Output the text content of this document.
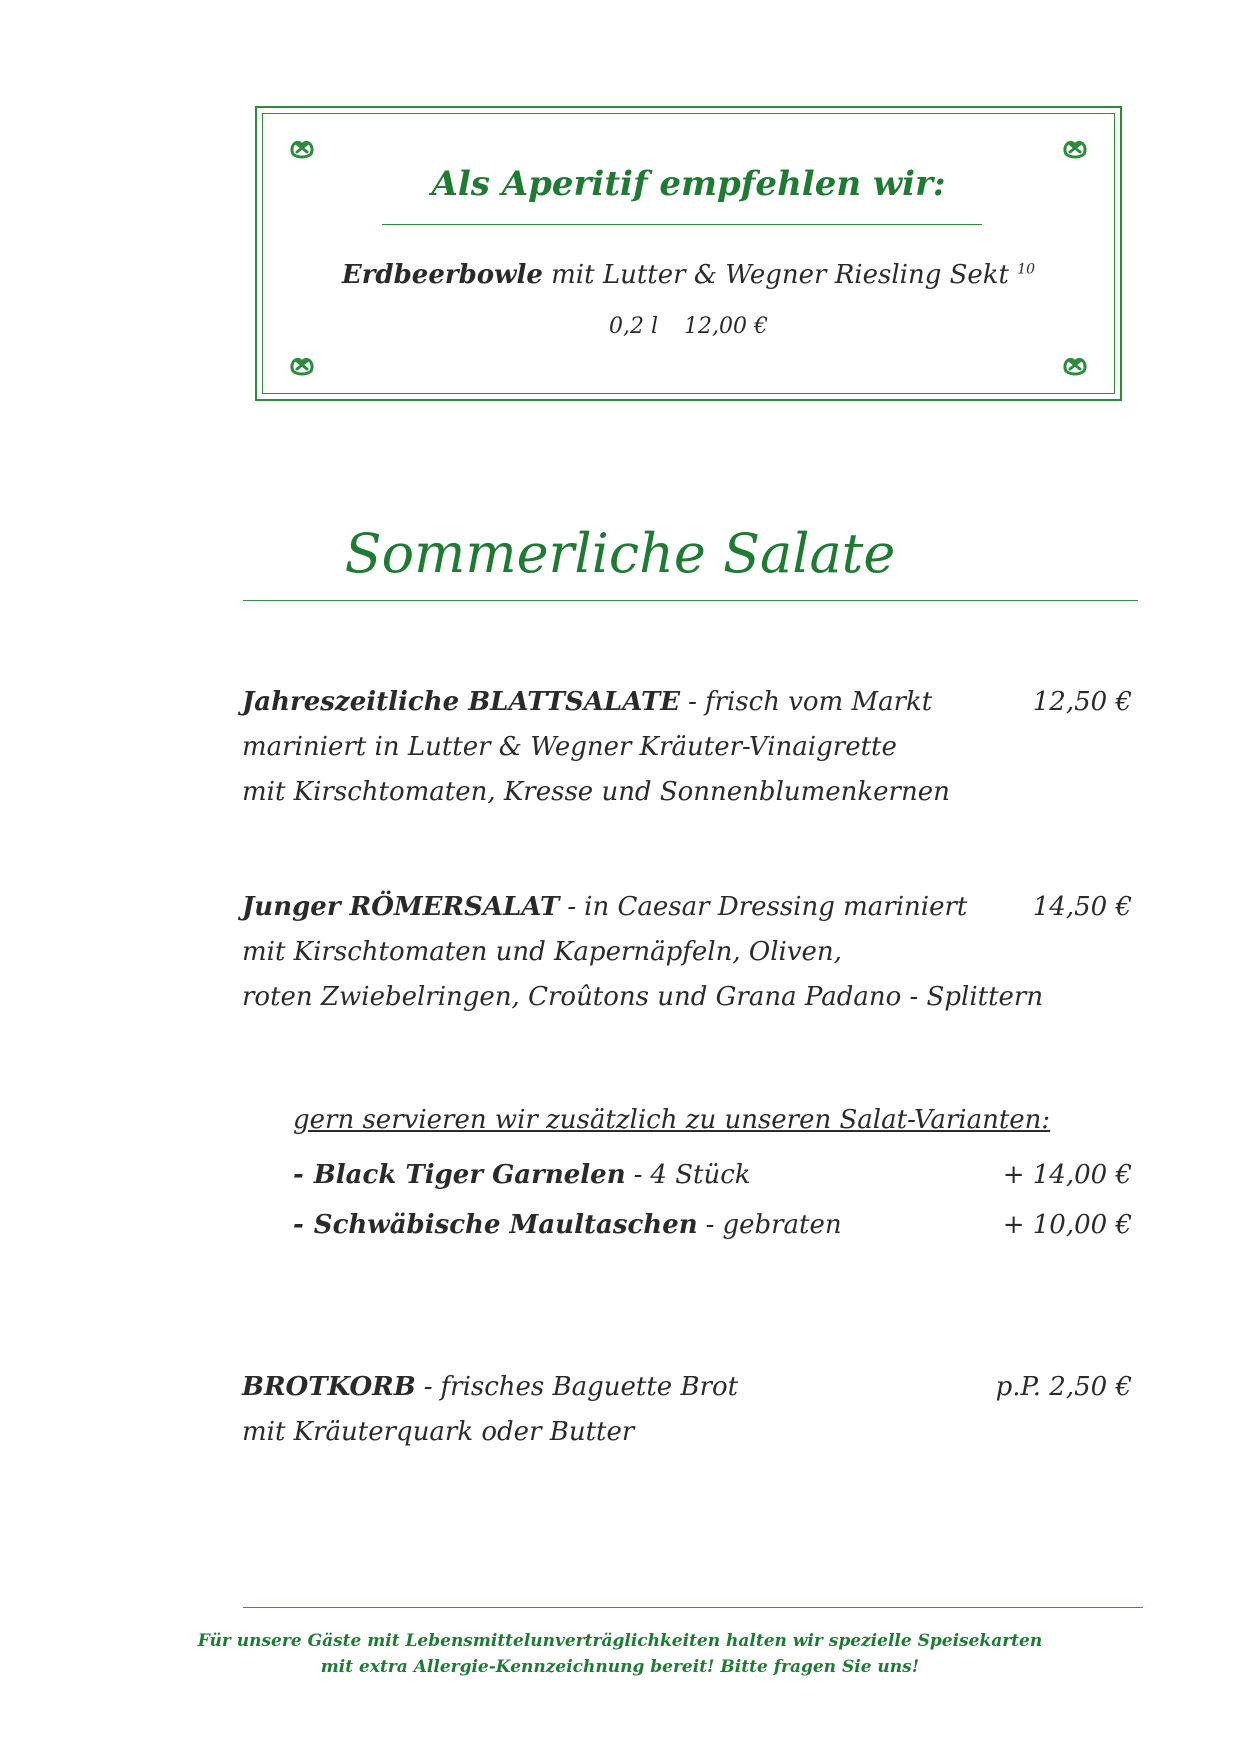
Als Aperitif empfehlen wir:
Erdbeerbowle mit Lutter & Wegner Riesling Sekt $^{10}$
0,2 l 12,00 €
Sommerliche Salate
Jahreszeitliche BLATTSALATE - frisch vom Markt	12,50 €
mariniert in Lutter & Wegner Kräuter-Vinaigrette
mit Kirschtomaten, Kresse und Sonnenblumenkernen
Junger RÖMERSALAT - in Caesar Dressing mariniert	14,50 €
mit Kirschtomaten und Kapernäpfeln, Oliven,
roten Zwiebelringen, Croûtons und Grana Padano - Splittern
gern servieren wir zusätzlich zu unseren Salat-Varianten:
- Black Tiger Garnelen - 4 Stück	+ 14,00 €
- Schwäbische Maultaschen - gebraten	+ 10,00 €
BROTKORB - frisches Baguette Brot	p.P. 2,50 €
mit Kräuterquark oder Butter
Für unsere Gäste mit Lebensmittelunverträglichkeiten halten wir spezielle Speisekarten
mit extra Allergie-Kennzeichnung bereit! Bitte fragen Sie uns!
